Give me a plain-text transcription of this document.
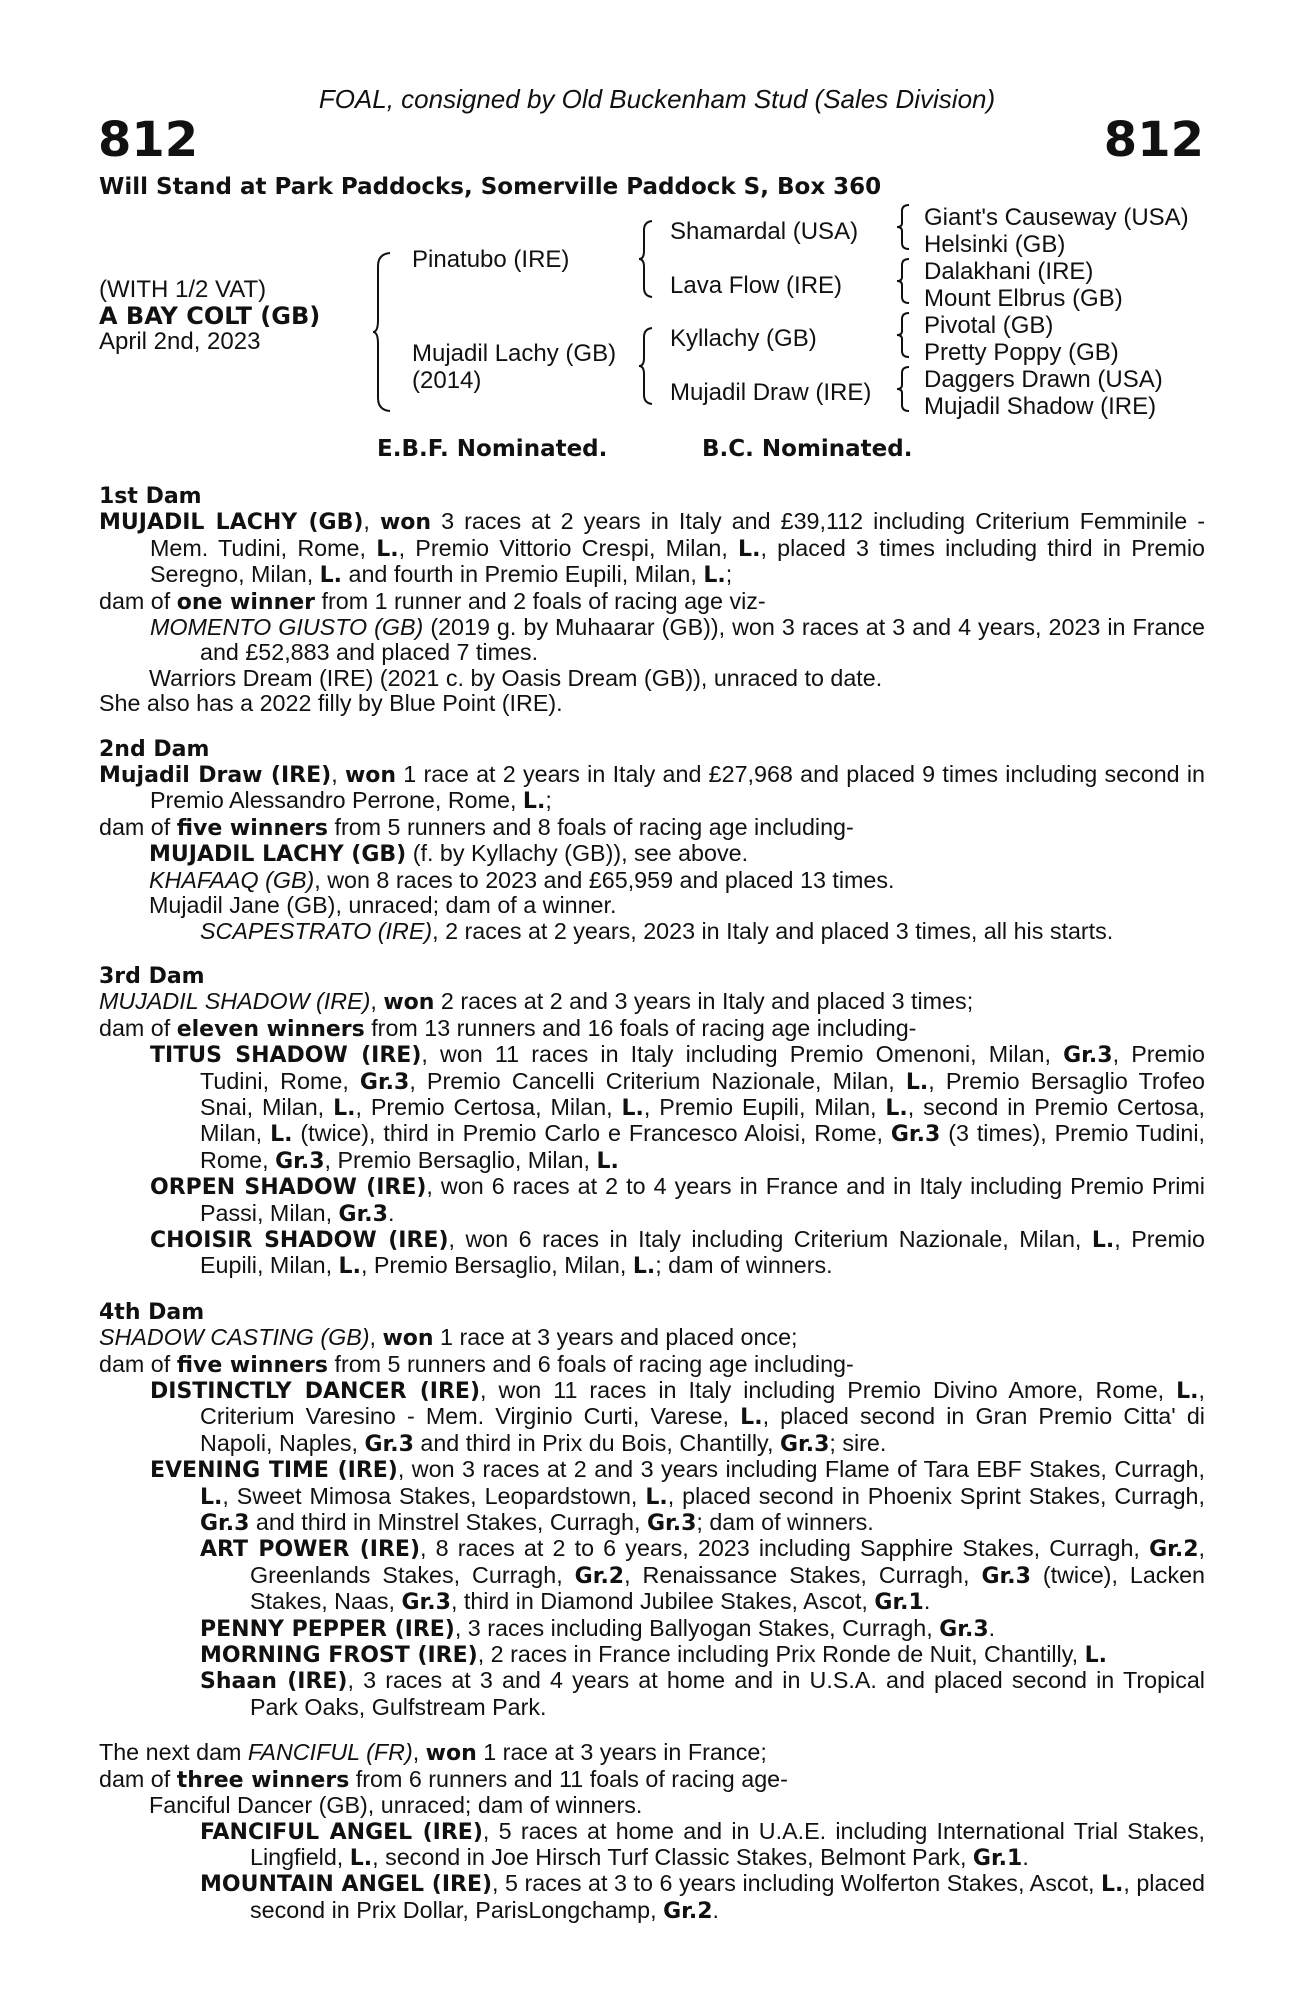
FOAL, consigned by Old Buckenham Stud (Sales Division)
812	812
Will Stand at Park Paddocks, Somerville Paddock S, Box 360
(WITH 1/2 VAT)
A BAY COLT (GB)
April 2nd, 2023
Pinatubo (IRE)
Mujadil Lachy (GB)
(2014)
Shamardal (USA)
Lava Flow (IRE)
Kyllachy (GB)
Mujadil Draw (IRE)
Giant's Causeway (USA)
Helsinki (GB)
Dalakhani (IRE)
Mount Elbrus (GB)
Pivotal (GB)
Pretty Poppy (GB)
Daggers Drawn (USA)
Mujadil Shadow (IRE)
E.B.F. Nominated.	B.C. Nominated.
1st Dam
MUJADIL LACHY (GB), won 3 races at 2 years in Italy and £39,112 including Criterium Femminile - Mem. Tudini, Rome, L., Premio Vittorio Crespi, Milan, L., placed 3 times including third in Premio Seregno, Milan, L. and fourth in Premio Eupili, Milan, L.;
dam of one winner from 1 runner and 2 foals of racing age viz-
MOMENTO GIUSTO (GB) (2019 g. by Muhaarar (GB)), won 3 races at 3 and 4 years, 2023 in France and £52,883 and placed 7 times.
Warriors Dream (IRE) (2021 c. by Oasis Dream (GB)), unraced to date.
She also has a 2022 filly by Blue Point (IRE).
2nd Dam
Mujadil Draw (IRE), won 1 race at 2 years in Italy and £27,968 and placed 9 times including second in Premio Alessandro Perrone, Rome, L.;
dam of five winners from 5 runners and 8 foals of racing age including-
MUJADIL LACHY (GB) (f. by Kyllachy (GB)), see above.
KHAFAAQ (GB), won 8 races to 2023 and £65,959 and placed 13 times.
Mujadil Jane (GB), unraced; dam of a winner.
SCAPESTRATO (IRE), 2 races at 2 years, 2023 in Italy and placed 3 times, all his starts.
3rd Dam
MUJADIL SHADOW (IRE), won 2 races at 2 and 3 years in Italy and placed 3 times;
dam of eleven winners from 13 runners and 16 foals of racing age including-
TITUS SHADOW (IRE), won 11 races in Italy including Premio Omenoni, Milan, Gr.3, Premio Tudini, Rome, Gr.3, Premio Cancelli Criterium Nazionale, Milan, L., Premio Bersaglio Trofeo Snai, Milan, L., Premio Certosa, Milan, L., Premio Eupili, Milan, L., second in Premio Certosa, Milan, L. (twice), third in Premio Carlo e Francesco Aloisi, Rome, Gr.3 (3 times), Premio Tudini, Rome, Gr.3, Premio Bersaglio, Milan, L.
ORPEN SHADOW (IRE), won 6 races at 2 to 4 years in France and in Italy including Premio Primi Passi, Milan, Gr.3.
CHOISIR SHADOW (IRE), won 6 races in Italy including Criterium Nazionale, Milan, L., Premio Eupili, Milan, L., Premio Bersaglio, Milan, L.; dam of winners.
4th Dam
SHADOW CASTING (GB), won 1 race at 3 years and placed once;
dam of five winners from 5 runners and 6 foals of racing age including-
DISTINCTLY DANCER (IRE), won 11 races in Italy including Premio Divino Amore, Rome, L., Criterium Varesino - Mem. Virginio Curti, Varese, L., placed second in Gran Premio Citta' di Napoli, Naples, Gr.3 and third in Prix du Bois, Chantilly, Gr.3; sire.
EVENING TIME (IRE), won 3 races at 2 and 3 years including Flame of Tara EBF Stakes, Curragh, L., Sweet Mimosa Stakes, Leopardstown, L., placed second in Phoenix Sprint Stakes, Curragh, Gr.3 and third in Minstrel Stakes, Curragh, Gr.3; dam of winners.
ART POWER (IRE), 8 races at 2 to 6 years, 2023 including Sapphire Stakes, Curragh, Gr.2, Greenlands Stakes, Curragh, Gr.2, Renaissance Stakes, Curragh, Gr.3 (twice), Lacken Stakes, Naas, Gr.3, third in Diamond Jubilee Stakes, Ascot, Gr.1.
PENNY PEPPER (IRE), 3 races including Ballyogan Stakes, Curragh, Gr.3.
MORNING FROST (IRE), 2 races in France including Prix Ronde de Nuit, Chantilly, L.
Shaan (IRE), 3 races at 3 and 4 years at home and in U.S.A. and placed second in Tropical Park Oaks, Gulfstream Park.
The next dam FANCIFUL (FR), won 1 race at 3 years in France;
dam of three winners from 6 runners and 11 foals of racing age-
Fanciful Dancer (GB), unraced; dam of winners.
FANCIFUL ANGEL (IRE), 5 races at home and in U.A.E. including International Trial Stakes, Lingfield, L., second in Joe Hirsch Turf Classic Stakes, Belmont Park, Gr.1.
MOUNTAIN ANGEL (IRE), 5 races at 3 to 6 years including Wolferton Stakes, Ascot, L., placed second in Prix Dollar, ParisLongchamp, Gr.2.
